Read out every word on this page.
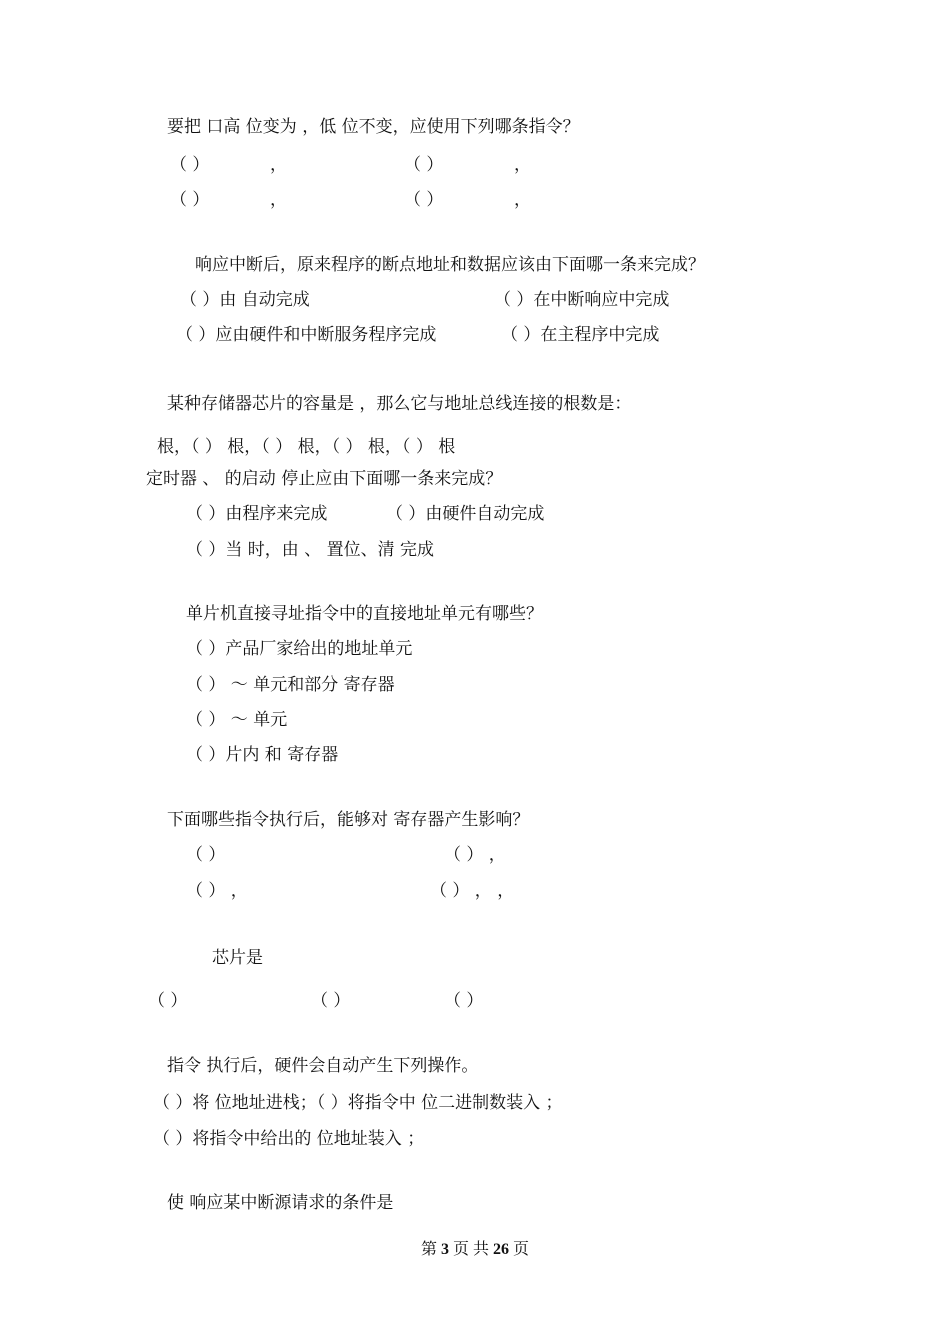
要把 口高 位变为 ，低 位不变，应使用下列哪条指令？
（ ）	，	（ ）	，
（ ）	，	（ ）	，
响应中断后，原来程序的断点地址和数据应该由下面哪一条来完成？
（ ）由 自动完成	（ ）在中断响应中完成
（ ）应由硬件和中断服务程序完成	（ ）在主程序中完成
某种存储器芯片的容量是 ，那么它与地址总线连接的根数是：
根，（ ） 根，（ ） 根，（ ） 根，（ ） 根
定时器 、 的启动 停止应由下面哪一条来完成？
（ ）由程序来完成	（ ）由硬件自动完成
（ ）当 时，由 、 置位、清 完成
单片机直接寻址指令中的直接地址单元有哪些？
（ ）产品厂家给出的地址单元
（ ） ～ 单元和部分 寄存器
（ ） ～ 单元
（ ）片内 和 寄存器
下面哪些指令执行后，能够对 寄存器产生影响？
（ ）	（ ） ，
（ ） ，	（ ） ， ，
芯片是
（ ）	（ ）	（ ）
指令 执行后，硬件会自动产生下列操作。
（ ）将 位地址进栈；（ ）将指令中 位二进制数装入 ；
（ ）将指令中给出的 位地址装入 ；
使 响应某中断源请求的条件是
第 3 页 共 26 页
